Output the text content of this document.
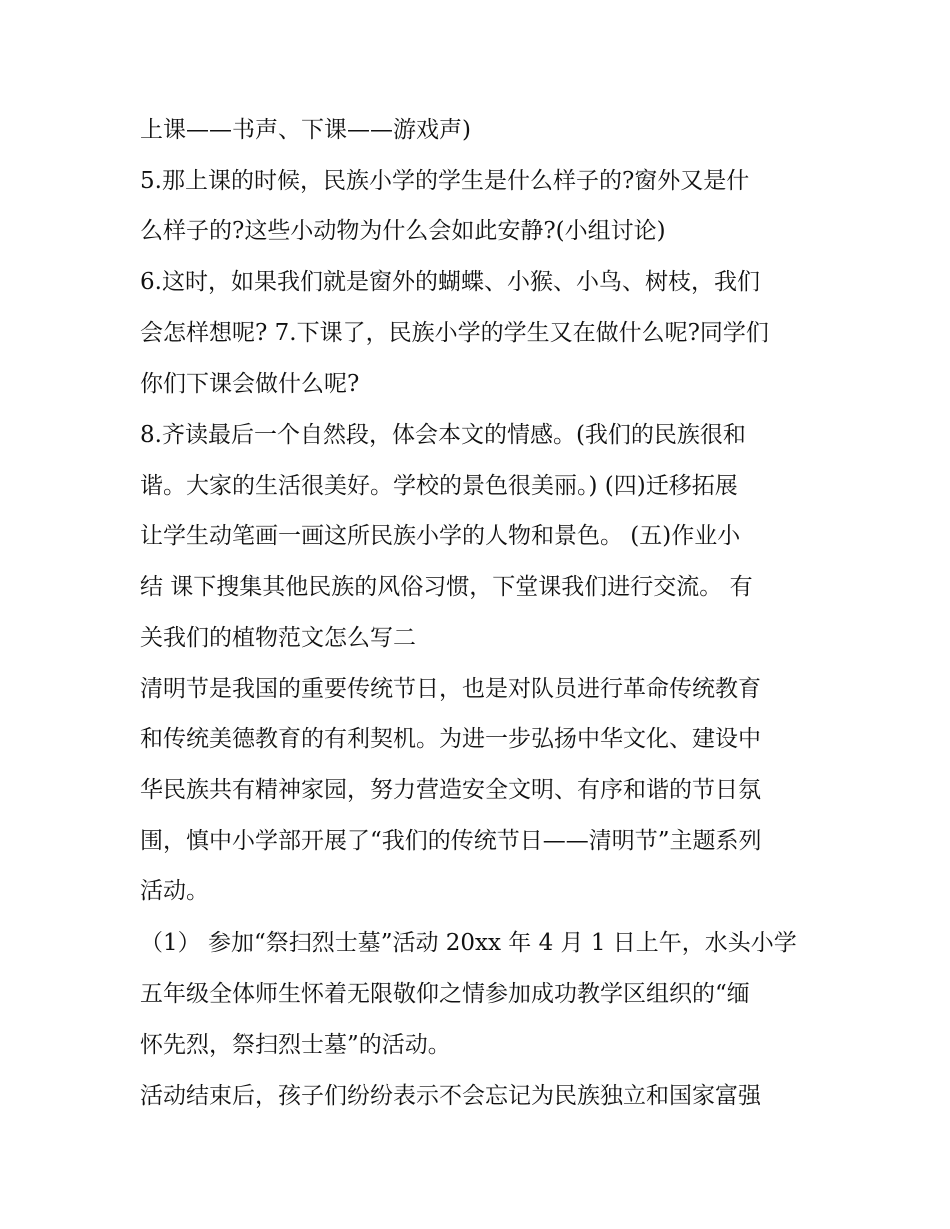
上课——书声、下课——游戏声)
5.那上课的时候，民族小学的学生是什么样子的?窗外又是什
么样子的?这些小动物为什么会如此安静?(小组讨论)
6.这时，如果我们就是窗外的蝴蝶、小猴、小鸟、树枝，我们
会怎样想呢? 7.下课了，民族小学的学生又在做什么呢?同学们
你们下课会做什么呢?
8.齐读最后一个自然段，体会本文的情感。(我们的民族很和
谐。大家的生活很美好。学校的景色很美丽。) (四)迁移拓展
让学生动笔画一画这所民族小学的人物和景色。 (五)作业小
结 课下搜集其他民族的风俗习惯，下堂课我们进行交流。 有
关我们的植物范文怎么写二
清明节是我国的重要传统节日，也是对队员进行革命传统教育
和传统美德教育的有利契机。为进一步弘扬中华文化、建设中
华民族共有精神家园，努力营造安全文明、有序和谐的节日氛
围，慎中小学部开展了“我们的传统节日——清明节”主题系列
活动。
（1） 参加“祭扫烈士墓”活动 20xx 年 4 月 1 日上午，水头小学
五年级全体师生怀着无限敬仰之情参加成功教学区组织的“缅
怀先烈，祭扫烈士墓”的活动。
活动结束后，孩子们纷纷表示不会忘记为民族独立和国家富强
